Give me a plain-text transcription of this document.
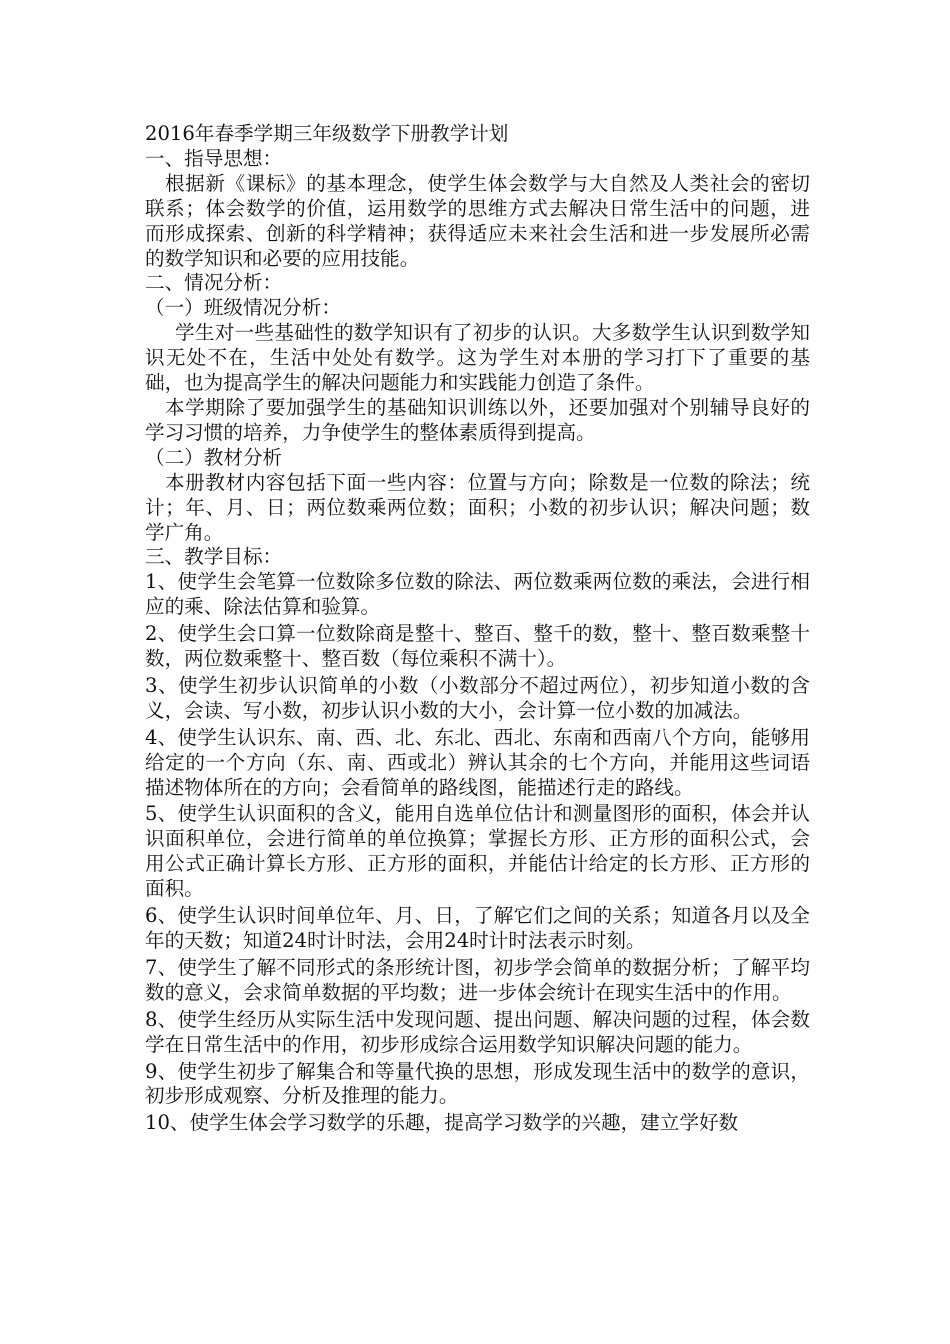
2016年春季学期三年级数学下册教学计划

一、指导思想：

根据新《课标》的基本理念，使学生体会数学与大自然及人类社会的密切联系；体会数学的价值，运用数学的思维方式去解决日常生活中的问题，进而形成探索、创新的科学精神；获得适应未来社会生活和进一步发展所必需的数学知识和必要的应用技能。

二、情况分析：

（一）班级情况分析：

学生对一些基础性的数学知识有了初步的认识。大多数学生认识到数学知识无处不在，生活中处处有数学。这为学生对本册的学习打下了重要的基础，也为提高学生的解决问题能力和实践能力创造了条件。

本学期除了要加强学生的基础知识训练以外，还要加强对个别辅导良好的学习习惯的培养，力争使学生的整体素质得到提高。

（二）教材分析

本册教材内容包括下面一些内容：位置与方向；除数是一位数的除法；统计；年、月、日；两位数乘两位数；面积；小数的初步认识；解决问题；数学广角。

三、教学目标：

1、使学生会笔算一位数除多位数的除法、两位数乘两位数的乘法，会进行相应的乘、除法估算和验算。

2、使学生会口算一位数除商是整十、整百、整千的数，整十、整百数乘整十数，两位数乘整十、整百数（每位乘积不满十）。

3、使学生初步认识简单的小数（小数部分不超过两位），初步知道小数的含义，会读、写小数，初步认识小数的大小，会计算一位小数的加减法。

4、使学生认识东、南、西、北、东北、西北、东南和西南八个方向，能够用给定的一个方向（东、南、西或北）辨认其余的七个方向，并能用这些词语描述物体所在的方向；会看简单的路线图，能描述行走的路线。

5、使学生认识面积的含义，能用自选单位估计和测量图形的面积，体会并认识面积单位，会进行简单的单位换算；掌握长方形、正方形的面积公式，会用公式正确计算长方形、正方形的面积，并能估计给定的长方形、正方形的面积。

6、使学生认识时间单位年、月、日，了解它们之间的关系；知道各月以及全年的天数；知道24时计时法，会用24时计时法表示时刻。

7、使学生了解不同形式的条形统计图，初步学会简单的数据分析；了解平均数的意义，会求简单数据的平均数；进一步体会统计在现实生活中的作用。

8、使学生经历从实际生活中发现问题、提出问题、解决问题的过程，体会数学在日常生活中的作用，初步形成综合运用数学知识解决问题的能力。

9、使学生初步了解集合和等量代换的思想，形成发现生活中的数学的意识，初步形成观察、分析及推理的能力。

10、使学生体会学习数学的乐趣，提高学习数学的兴趣，建立学好数
